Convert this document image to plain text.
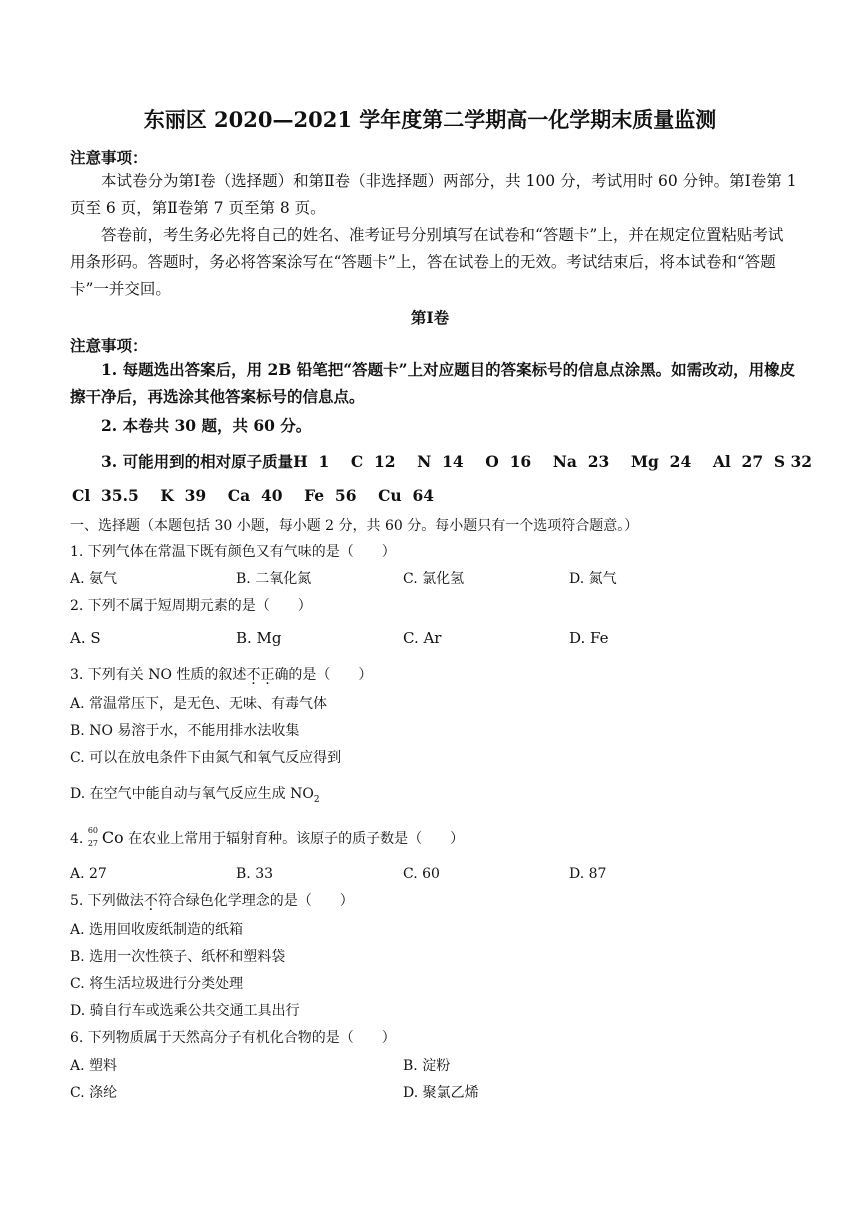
东丽区 2020—2021 学年度第二学期高一化学期末质量监测
注意事项：
本试卷分为第Ⅰ卷（选择题）和第Ⅱ卷（非选择题）两部分，共 100 分，考试用时 60 分钟。第Ⅰ卷第 1 页至 6 页，第Ⅱ卷第 7 页至第 8 页。
答卷前，考生务必先将自己的姓名、准考证号分别填写在试卷和“答题卡”上，并在规定位置粘贴考试用条形码。答题时，务必将答案涂写在“答题卡”上，答在试卷上的无效。考试结束后，将本试卷和“答题卡”一并交回。
第Ⅰ卷
注意事项：
1. 每题选出答案后，用 2B 铅笔把“答题卡”上对应题目的答案标号的信息点涂黑。如需改动，用橡皮擦干净后，再选涂其他答案标号的信息点。
2. 本卷共 30 题，共 60 分。
3. 可能用到的相对原子质量H  1    C  12    N  14    O  16    Na  23    Mg  24    Al  27  S 32
Cl  35.5    K  39    Ca  40    Fe  56    Cu  64
一、选择题（本题包括 30 小题，每小题 2 分，共 60 分。每小题只有一个选项符合题意。）
1. 下列气体在常温下既有颜色又有气味的是（　　）
A. 氨气	B. 二氧化氮	C. 氯化氢	D. 氮气
2. 下列不属于短周期元素的是（　　）
A. S	B. Mg	C. Ar	D. Fe
3. 下列有关 NO 性质的叙述不正确的是（　　）
A. 常温常压下，是无色、无味、有毒气体
B. NO 易溶于水，不能用排水法收集
C. 可以在放电条件下由氮气和氧气反应得到
D. 在空气中能自动与氧气反应生成 $NO_2$
4.
60
27 Co 在农业上常用于辐射育种。该原子的质子数是（　　）
A. 27	B. 33	C. 60	D. 87
5. 下列做法不符合绿色化学理念的是（　　）
A. 选用回收废纸制造的纸箱
B. 选用一次性筷子、纸杯和塑料袋
C. 将生活垃圾进行分类处理
D. 骑自行车或选乘公共交通工具出行
6. 下列物质属于天然高分子有机化合物的是（　　）
A. 塑料	B. 淀粉
C. 涤纶	D. 聚氯乙烯
